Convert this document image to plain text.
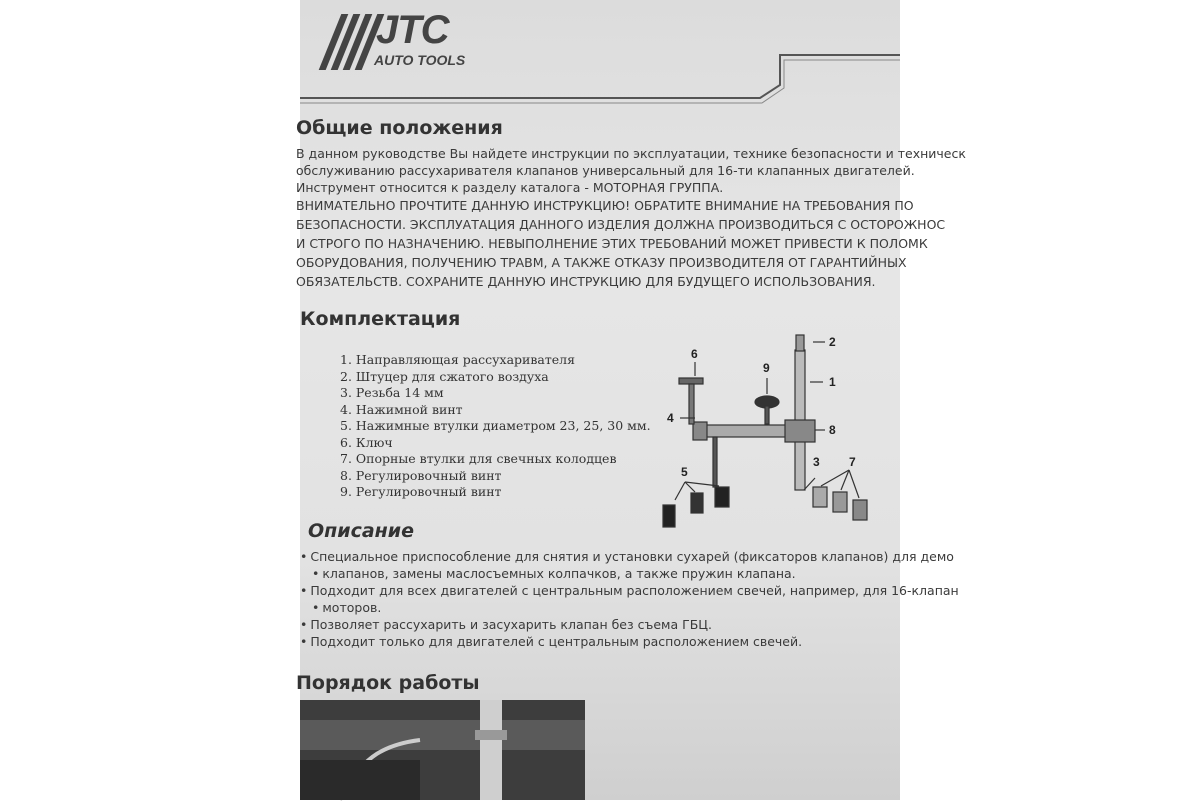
JTC
AUTO TOOLS
Общие положения

В данном руководстве Вы найдете инструкции по эксплуатации, технике безопасности и техническ

обслуживанию рассухаривателя клапанов универсальный для 16-ти клапанных двигателей.

Инструмент относится к разделу каталога - МОТОРНАЯ ГРУППА.

ВНИМАТЕЛЬНО ПРОЧТИТЕ ДАННУЮ ИНСТРУКЦИЮ! ОБРАТИТЕ ВНИМАНИЕ НА ТРЕБОВАНИЯ ПО

БЕЗОПАСНОСТИ. ЭКСПЛУАТАЦИЯ ДАННОГО ИЗДЕЛИЯ ДОЛЖНА ПРОИЗВОДИТЬСЯ С ОСТОРОЖНОС

И СТРОГО ПО НАЗНАЧЕНИЮ. НЕВЫПОЛНЕНИЕ ЭТИХ ТРЕБОВАНИЙ МОЖЕТ ПРИВЕСТИ К ПОЛОМК

ОБОРУДОВАНИЯ, ПОЛУЧЕНИЮ ТРАВМ, А ТАКЖЕ ОТКАЗУ ПРОИЗВОДИТЕЛЯ ОТ ГАРАНТИЙНЫХ

ОБЯЗАТЕЛЬСТВ. СОХРАНИТЕ ДАННУЮ ИНСТРУКЦИЮ ДЛЯ БУДУЩЕГО ИСПОЛЬЗОВАНИЯ.

Комплектация
1. Направляющая рассухаривателя
2. Штуцер для сжатого воздуха
3. Резьба 14 мм
4. Нажимной винт
5. Нажимные втулки диаметром 23, 25, 30 мм.
6. Ключ
7. Опорные втулки для свечных колодцев
8. Регулировочный винт
9. Регулировочный винт
1
2
3
4
5
6
7
8
9
Описание
• Специальное приспособление для снятия и установки сухарей (фиксаторов клапанов) для демо
• клапанов, замены маслосъемных колпачков, а также пружин клапана.
• Подходит для всех двигателей с центральным расположением свечей, например, для 16-клапан
• моторов.
• Позволяет рассухарить и засухарить клапан без съема ГБЦ.
• Подходит только для двигателей с центральным расположением свечей.
Порядок работы
